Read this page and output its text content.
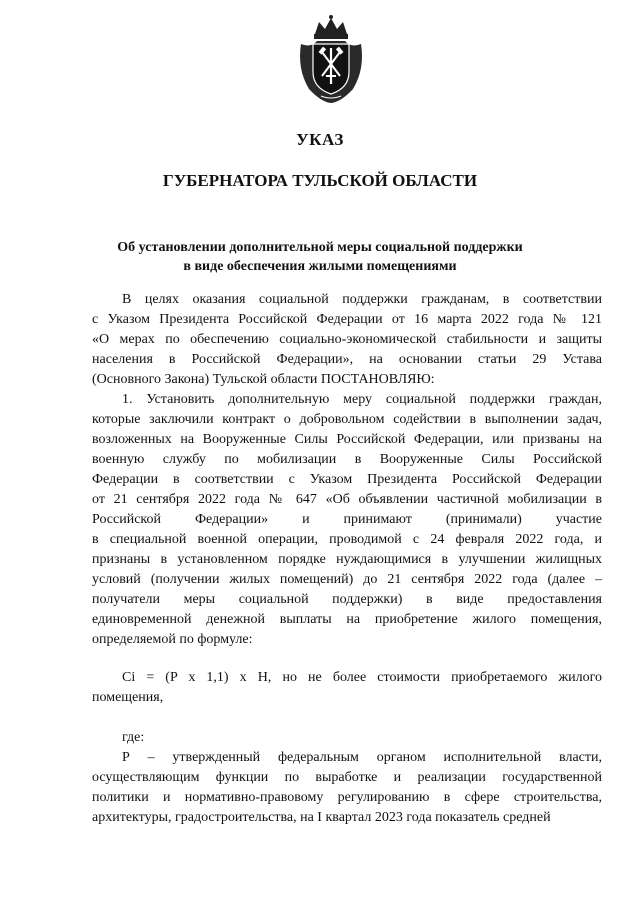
УКАЗ
ГУБЕРНАТОРА ТУЛЬСКОЙ ОБЛАСТИ
Об установлении дополнительной меры социальной поддержки
в виде обеспечения жилыми помещениями

В целях оказания социальной поддержки гражданам, в соответствии
с Указом Президента Российской Федерации от 16 марта 2022 года № 121
«О мерах по обеспечению социально-экономической стабильности и защиты
населения в Российской Федерации», на основании статьи 29 Устава
(Основного Закона) Тульской области ПОСТАНОВЛЯЮ:

1. Установить дополнительную меру социальной поддержки граждан,
которые заключили контракт о добровольном содействии в выполнении задач,
возложенных на Вооруженные Силы Российской Федерации, или призваны на
военную службу по мобилизации в Вооруженные Силы Российской
Федерации в соответствии с Указом Президента Российской Федерации
от 21 сентября 2022 года № 647 «Об объявлении частичной мобилизации в
Российской Федерации» и принимают (принимали) участие
в специальной военной операции, проводимой с 24 февраля 2022 года, и
признаны в установленном порядке нуждающимися в улучшении жилищных
условий (получении жилых помещений) до 21 сентября 2022 года (далее –
получатели меры социальной поддержки) в виде предоставления
единовременной денежной выплаты на приобретение жилого помещения,
определяемой по формуле:

Ci = (P x 1,1) x H, но не более стоимости приобретаемого жилого
помещения,

где:

Р – утвержденный федеральным органом исполнительной власти,
осуществляющим функции по выработке и реализации государственной
политики и нормативно-правовому регулированию в сфере строительства,
архитектуры, градостроительства, на I квартал 2023 года показатель средней
